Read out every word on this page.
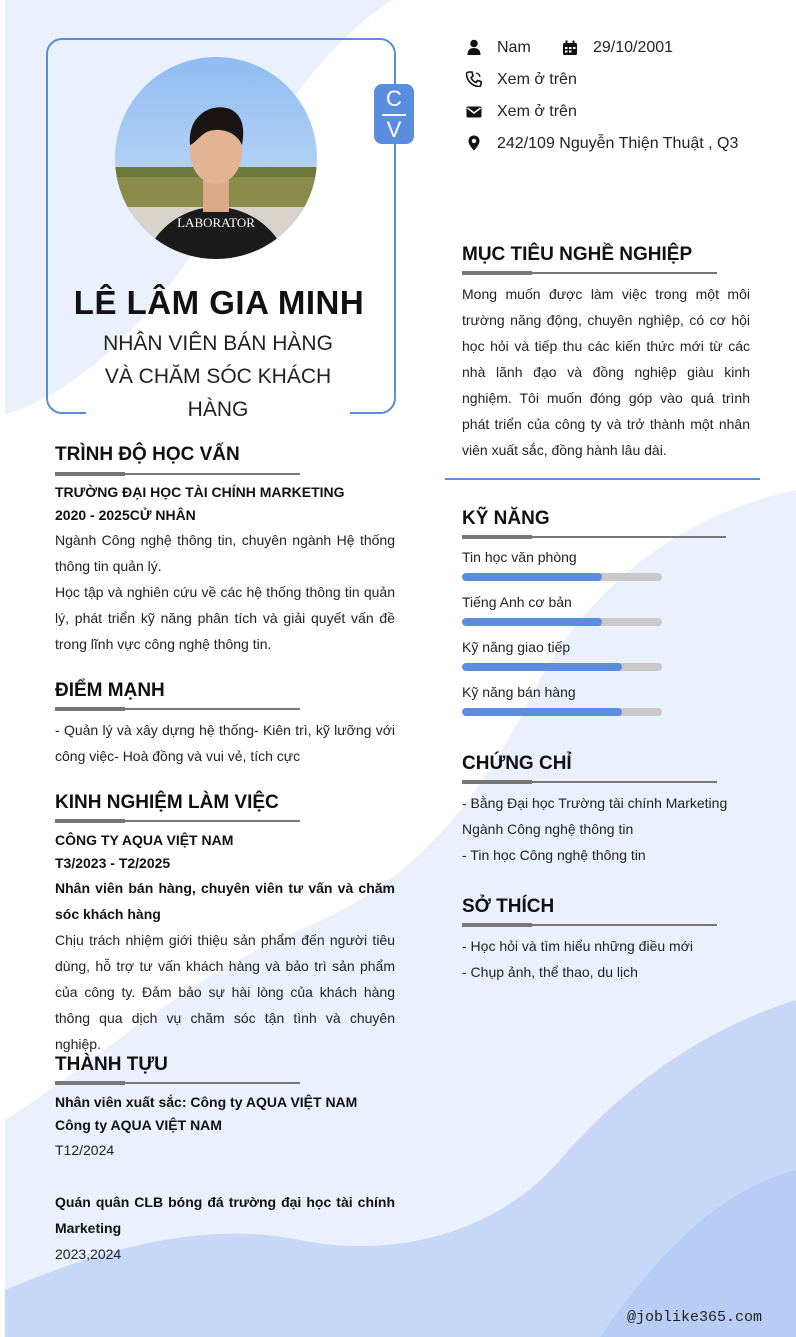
LABORATOR
C
V
LÊ LÂM GIA MINH
NHÂN VIÊN BÁN HÀNG
VÀ CHĂM SÓC KHÁCH
HÀNG
Nam	29/10/2001
Xem ở trên
Xem ở trên
242/109 Nguyễn Thiện Thuật , Q3
MỤC TIÊU NGHỀ NGHIỆP
Mong muốn được làm việc trong một môi trường năng động, chuyên nghiệp, có cơ hội học hỏi và tiếp thu các kiến thức mới từ các nhà lãnh đạo và đồng nghiệp giàu kinh nghiệm. Tôi muốn đóng góp vào quá trình phát triển của công ty và trở thành một nhân viên xuất sắc, đồng hành lâu dài.
KỸ NĂNG
Tin học văn phòng
Tiếng Anh cơ bản
Kỹ năng giao tiếp
Kỹ năng bán hàng
CHỨNG CHỈ
- Bằng Đại học Trường tài chính Marketing
Ngành Công nghệ thông tin
- Tin học Công nghệ thông tin
SỞ THÍCH
- Học hỏi và tìm hiểu những điều mới
- Chụp ảnh, thể thao, du lịch
TRÌNH ĐỘ HỌC VẤN
TRƯỜNG ĐẠI HỌC TÀI CHÍNH MARKETING
2020 - 2025CỬ NHÂN
Ngành Công nghệ thông tin, chuyên ngành Hệ thống thông tin quản lý.
Học tập và nghiên cứu về các hệ thống thông tin quản lý, phát triển kỹ năng phân tích và giải quyết vấn đề trong lĩnh vực công nghệ thông tin.
ĐIỂM MẠNH
- Quản lý và xây dựng hệ thống- Kiên trì, kỹ lưỡng với công việc- Hoà đồng và vui vẻ, tích cực
KINH NGHIỆM LÀM VIỆC
CÔNG TY AQUA VIỆT NAM
T3/2023 - T2/2025
Nhân viên bán hàng, chuyên viên tư vấn và chăm sóc khách hàng
Chịu trách nhiệm giới thiệu sản phẩm đến người tiêu dùng, hỗ trợ tư vấn khách hàng và bảo trì sản phẩm của công ty. Đảm bảo sự hài lòng của khách hàng thông qua dịch vụ chăm sóc tận tình và chuyên nghiệp.
THÀNH TỰU
Nhân viên xuất sắc: Công ty AQUA VIỆT NAM
Công ty AQUA VIỆT NAM
T12/2024
Quán quân CLB bóng đá trường đại học tài chính Marketing
2023,2024
@joblike365.com
